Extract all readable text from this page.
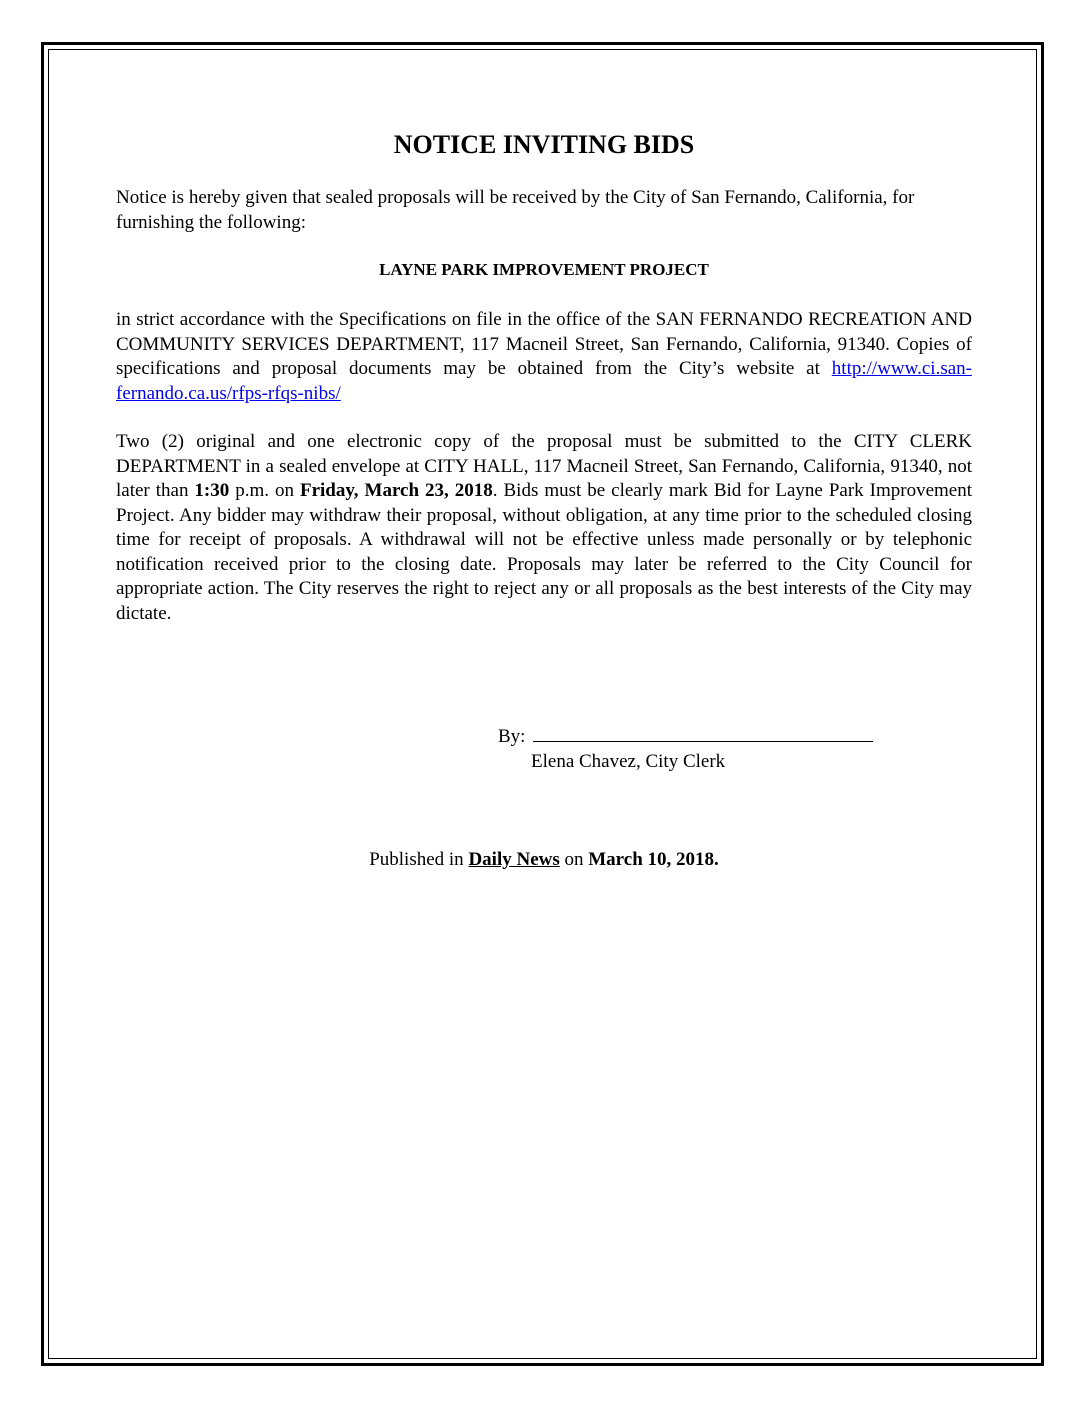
NOTICE INVITING BIDS

Notice is hereby given that sealed proposals will be received by the City of San Fernando, California, for furnishing the following:

LAYNE PARK IMPROVEMENT PROJECT

in strict accordance with the Specifications on file in the office of the SAN FERNANDO RECREATION AND COMMUNITY SERVICES DEPARTMENT, 117 Macneil Street, San Fernando, California, 91340. Copies of specifications and proposal documents may be obtained from the City’s website at http://www.ci.san-fernando.ca.us/rfps-rfqs-nibs/

Two (2) original and one electronic copy of the proposal must be submitted to the CITY CLERK DEPARTMENT in a sealed envelope at CITY HALL, 117 Macneil Street, San Fernando, California, 91340, not later than 1:30 p.m. on Friday, March 23, 2018. Bids must be clearly mark Bid for Layne Park Improvement Project. Any bidder may withdraw their proposal, without obligation, at any time prior to the scheduled closing time for receipt of proposals. A withdrawal will not be effective unless made personally or by telephonic notification received prior to the closing date. Proposals may later be referred to the City Council for appropriate action. The City reserves the right to reject any or all proposals as the best interests of the City may dictate.

By:
Elena Chavez, City Clerk

Published in Daily News on March 10, 2018.
